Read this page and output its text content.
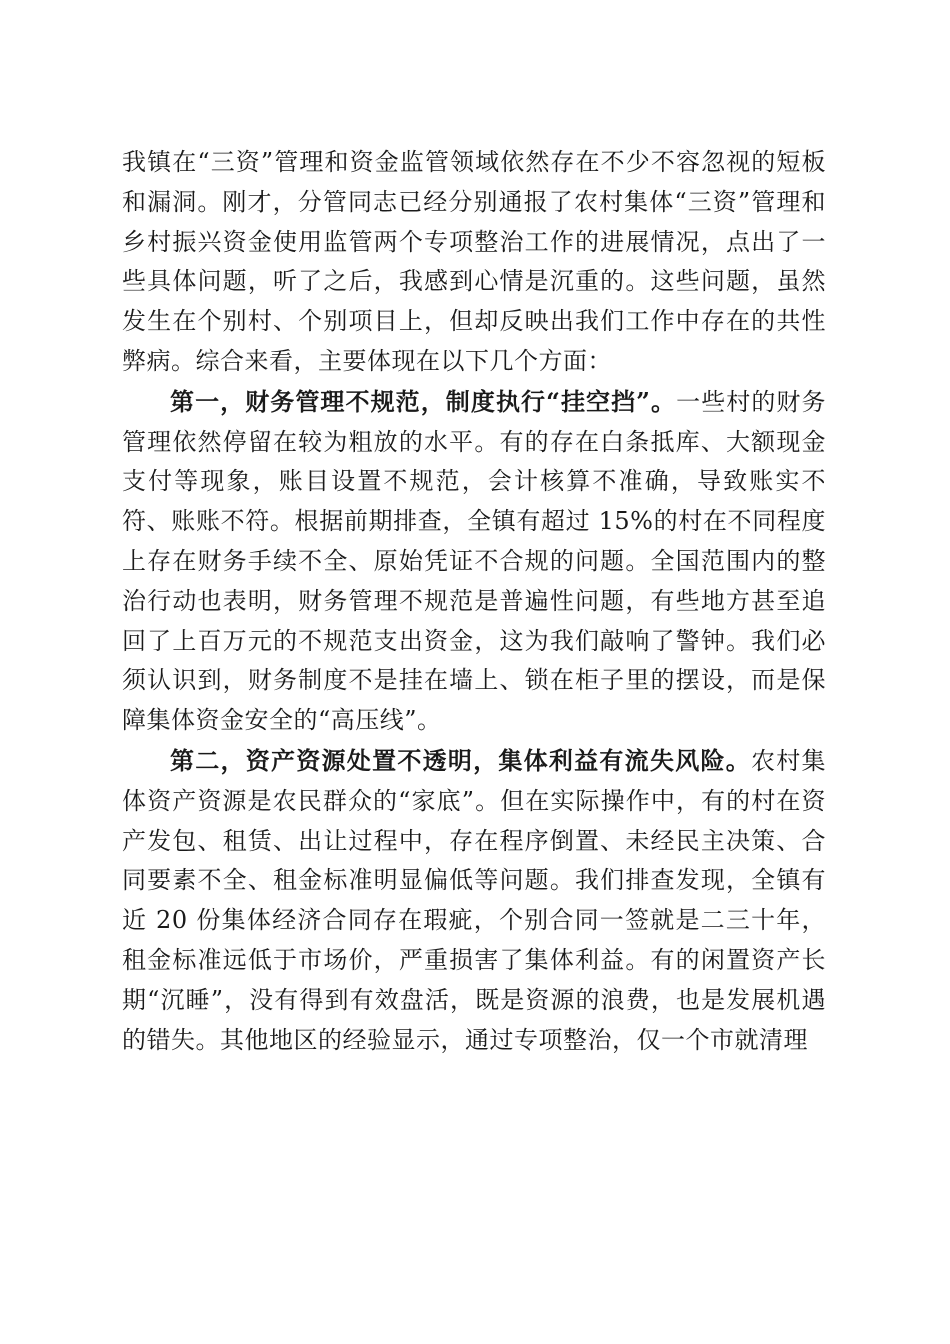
我镇在“三资”管理和资金监管领域依然存在不少不容忽视的短板和漏洞。刚才，分管同志已经分别通报了农村集体“三资”管理和乡村振兴资金使用监管两个专项整治工作的进展情况，点出了一些具体问题，听了之后，我感到心情是沉重的。这些问题，虽然发生在个别村、个别项目上，但却反映出我们工作中存在的共性弊病。综合来看，主要体现在以下几个方面：

第一，财务管理不规范，制度执行“挂空挡”。一些村的财务管理依然停留在较为粗放的水平。有的存在白条抵库、大额现金支付等现象，账目设置不规范，会计核算不准确，导致账实不符、账账不符。根据前期排查，全镇有超过 15%的村在不同程度上存在财务手续不全、原始凭证不合规的问题。全国范围内的整治行动也表明，财务管理不规范是普遍性问题，有些地方甚至追回了上百万元的不规范支出资金，这为我们敲响了警钟。我们必须认识到，财务制度不是挂在墙上、锁在柜子里的摆设，而是保障集体资金安全的“高压线”。

第二，资产资源处置不透明，集体利益有流失风险。农村集体资产资源是农民群众的“家底”。但在实际操作中，有的村在资产发包、租赁、出让过程中，存在程序倒置、未经民主决策、合同要素不全、租金标准明显偏低等问题。我们排查发现，全镇有近 20 份集体经济合同存在瑕疵，个别合同一签就是二三十年，租金标准远低于市场价，严重损害了集体利益。有的闲置资产长期“沉睡”，没有得到有效盘活，既是资源的浪费，也是发展机遇的错失。其他地区的经验显示，通过专项整治，仅一个市就清理
